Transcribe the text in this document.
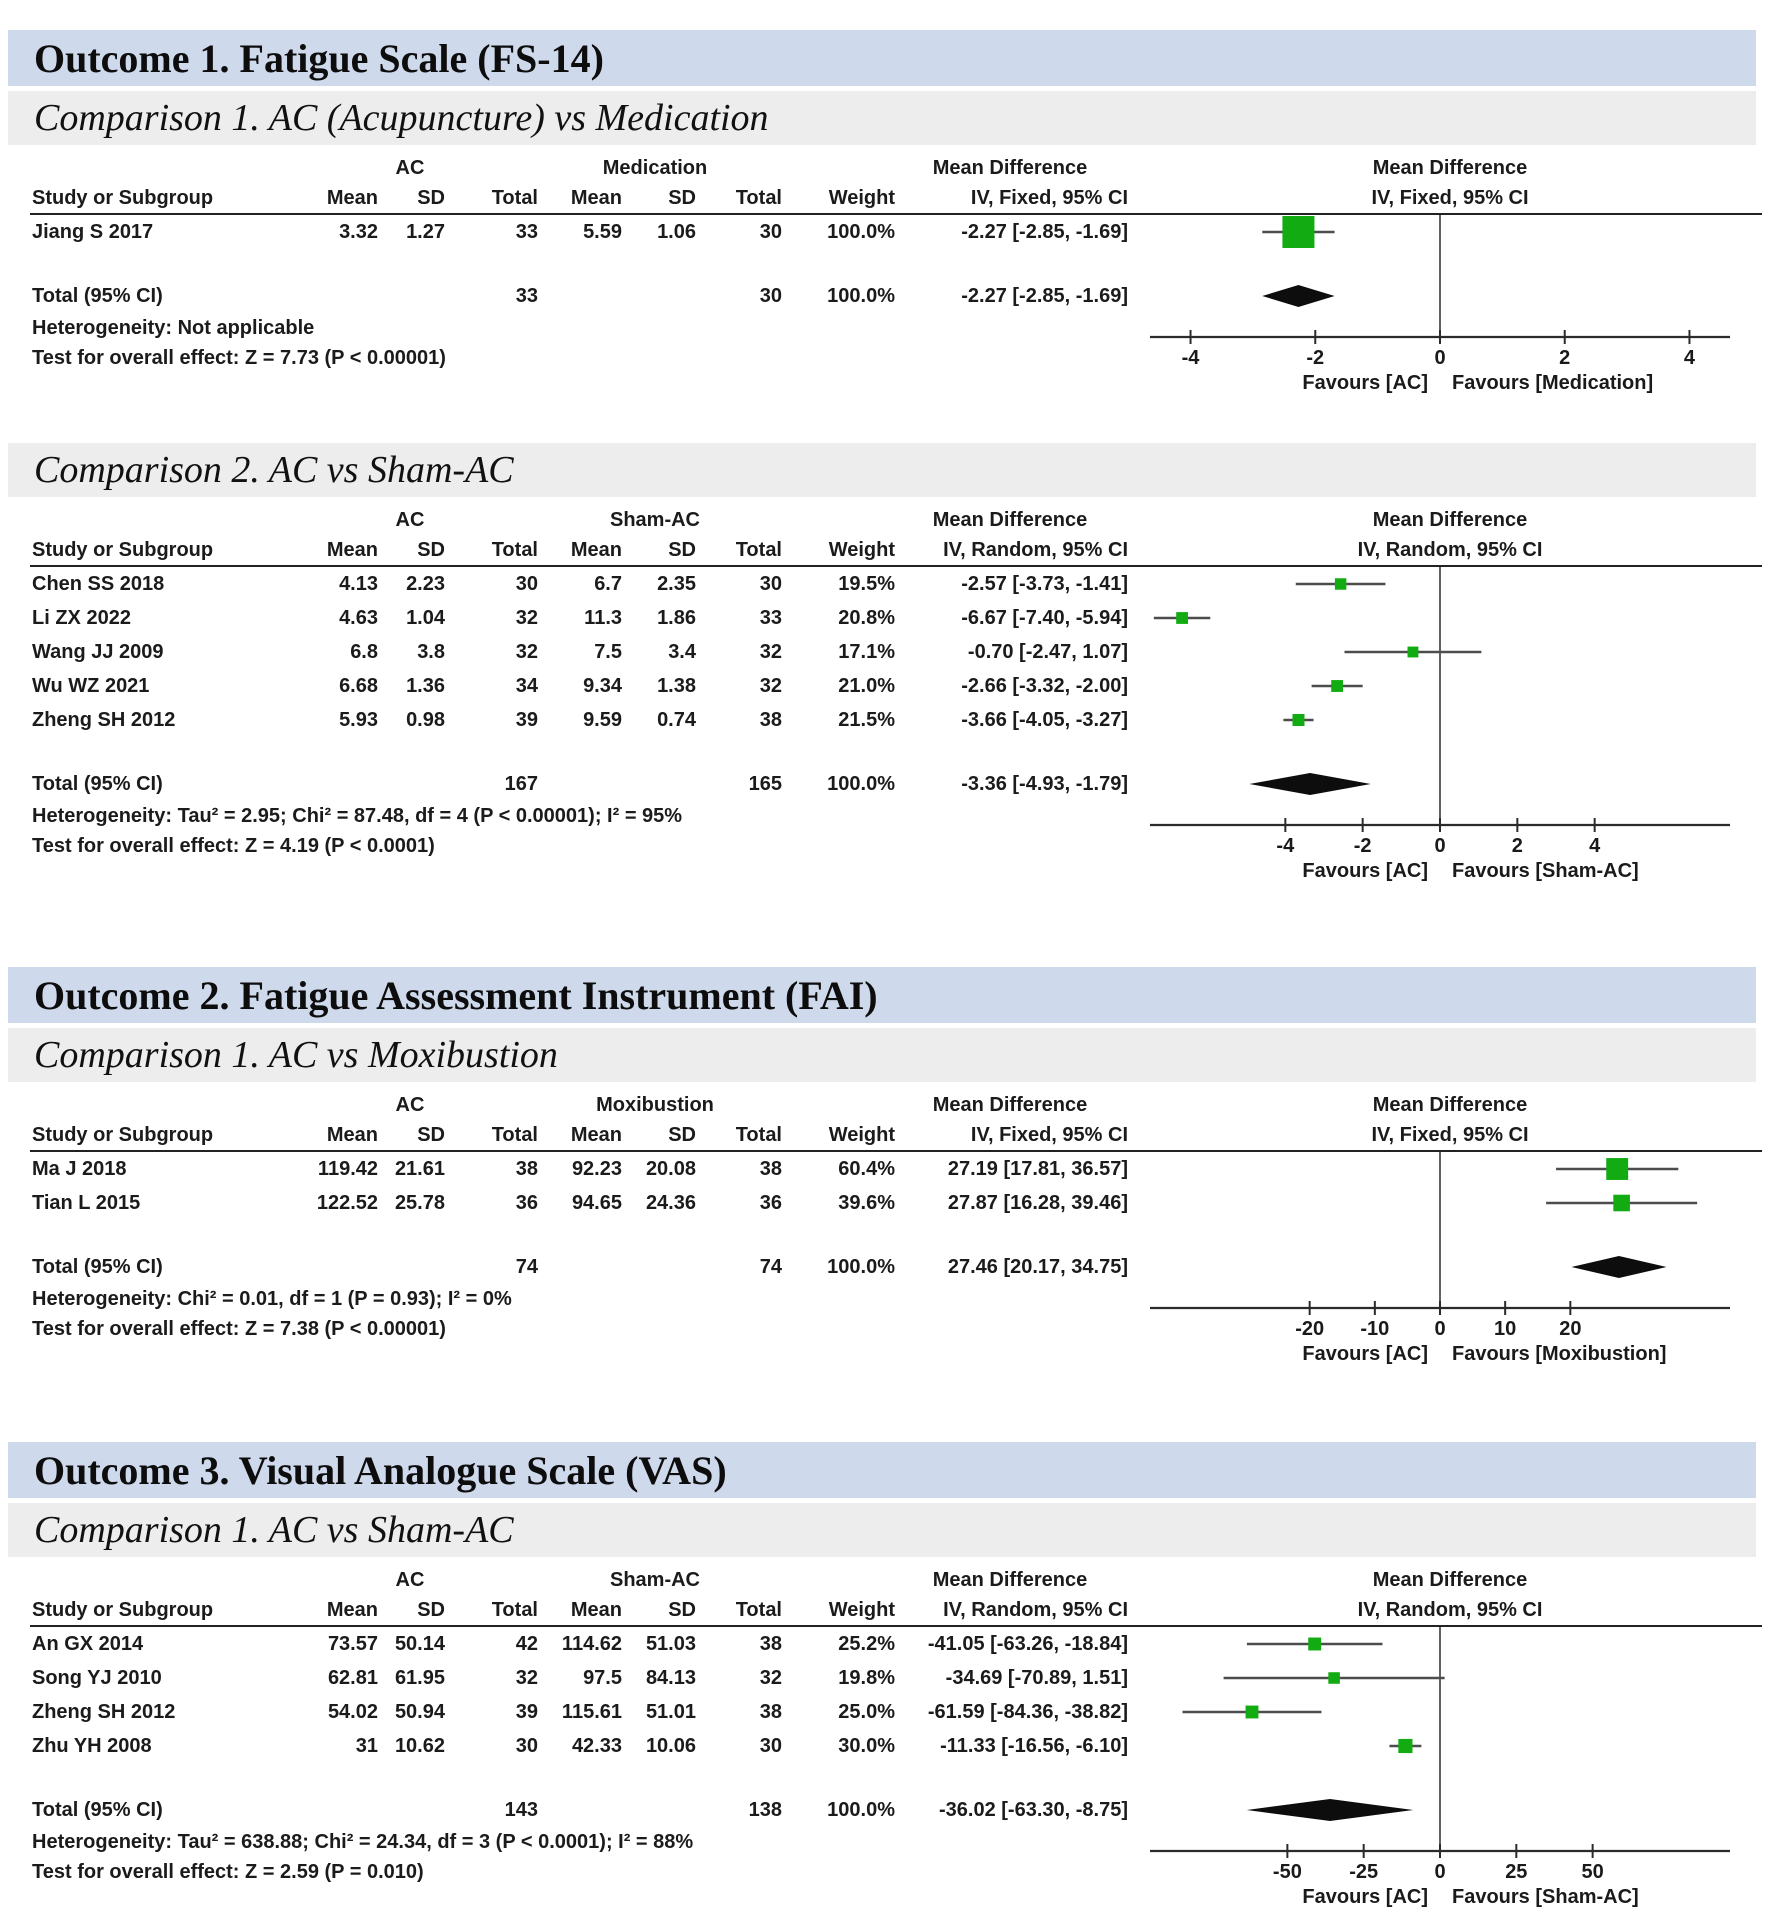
Outcome 1. Fatigue Scale (FS-14)
Comparison 1. AC (Acupuncture) vs Medication
AC	Medication	Mean Difference	Mean Difference
Study or Subgroup	Mean	SD	Total	Mean	SD	Total	Weight	IV, Fixed, 95% CI	IV, Fixed, 95% CI
Jiang S 2017	3.32	1.27	33	5.59	1.06	30	100.0%	-2.27 [-2.85, -1.69]
Total (95% CI)	33	30	100.0%	-2.27 [-2.85, -1.69]
Heterogeneity: Not applicable
Test for overall effect: Z = 7.73 (P < 0.00001)	-4	-2	0	2	4
Favours [AC] Favours [Medication]
Comparison 2. AC vs Sham-AC
AC	Sham-AC	Mean Difference	Mean Difference
Study or Subgroup	Mean	SD	Total	Mean	SD	Total	Weight	IV, Random, 95% CI	IV, Random, 95% CI
Chen SS 2018	4.13	2.23	30	6.7	2.35	30	19.5%	-2.57 [-3.73, -1.41]
Li ZX 2022	4.63	1.04	32	11.3	1.86	33	20.8%	-6.67 [-7.40, -5.94]
Wang JJ 2009	6.8	3.8	32	7.5	3.4	32	17.1%	-0.70 [-2.47, 1.07]
Wu WZ 2021	6.68	1.36	34	9.34	1.38	32	21.0%	-2.66 [-3.32, -2.00]
Zheng SH 2012	5.93	0.98	39	9.59	0.74	38	21.5%	-3.66 [-4.05, -3.27]
Total (95% CI)	167	165	100.0%	-3.36 [-4.93, -1.79]
Heterogeneity: Tau² = 2.95; Chi² = 87.48, df = 4 (P < 0.00001); I² = 95%
Test for overall effect: Z = 4.19 (P < 0.0001)	-4	-2	0	2	4
Favours [AC] Favours [Sham-AC]
Outcome 2. Fatigue Assessment Instrument (FAI)
Comparison 1. AC vs Moxibustion
AC	Moxibustion	Mean Difference	Mean Difference
Study or Subgroup	Mean	SD	Total	Mean	SD	Total	Weight	IV, Fixed, 95% CI	IV, Fixed, 95% CI
Ma J 2018	119.42 21.61	38	92.23	20.08	38	60.4%	27.19 [17.81, 36.57]
Tian L 2015	122.52 25.78	36	94.65	24.36	36	39.6%	27.87 [16.28, 39.46]
Total (95% CI)	74	74	100.0%	27.46 [20.17, 34.75]
Heterogeneity: Chi² = 0.01, df = 1 (P = 0.93); I² = 0%
Test for overall effect: Z = 7.38 (P < 0.00001)	-20 -10 0 10 20
Favours [AC] Favours [Moxibustion]
Outcome 3. Visual Analogue Scale (VAS)
Comparison 1. AC vs Sham-AC
AC	Sham-AC	Mean Difference	Mean Difference
Study or Subgroup	Mean	SD	Total	Mean	SD	Total	Weight	IV, Random, 95% CI	IV, Random, 95% CI
An GX 2014	73.57 50.14	42	114.62	51.03	38	25.2%	-41.05 [-63.26, -18.84]
Song YJ 2010	62.81 61.95	32	97.5	84.13	32	19.8%	-34.69 [-70.89, 1.51]
Zheng SH 2012	54.02 50.94	39	115.61	51.01	38	25.0%	-61.59 [-84.36, -38.82]
Zhu YH 2008	31 10.62	30	42.33	10.06	30	30.0%	-11.33 [-16.56, -6.10]
Total (95% CI)	143	138	100.0%	-36.02 [-63.30, -8.75]
Heterogeneity: Tau² = 638.88; Chi² = 24.34, df = 3 (P < 0.0001); I² = 88%
Test for overall effect: Z = 2.59 (P = 0.010)	-50 -25	0	25	50
Favours [AC] Favours [Sham-AC]
